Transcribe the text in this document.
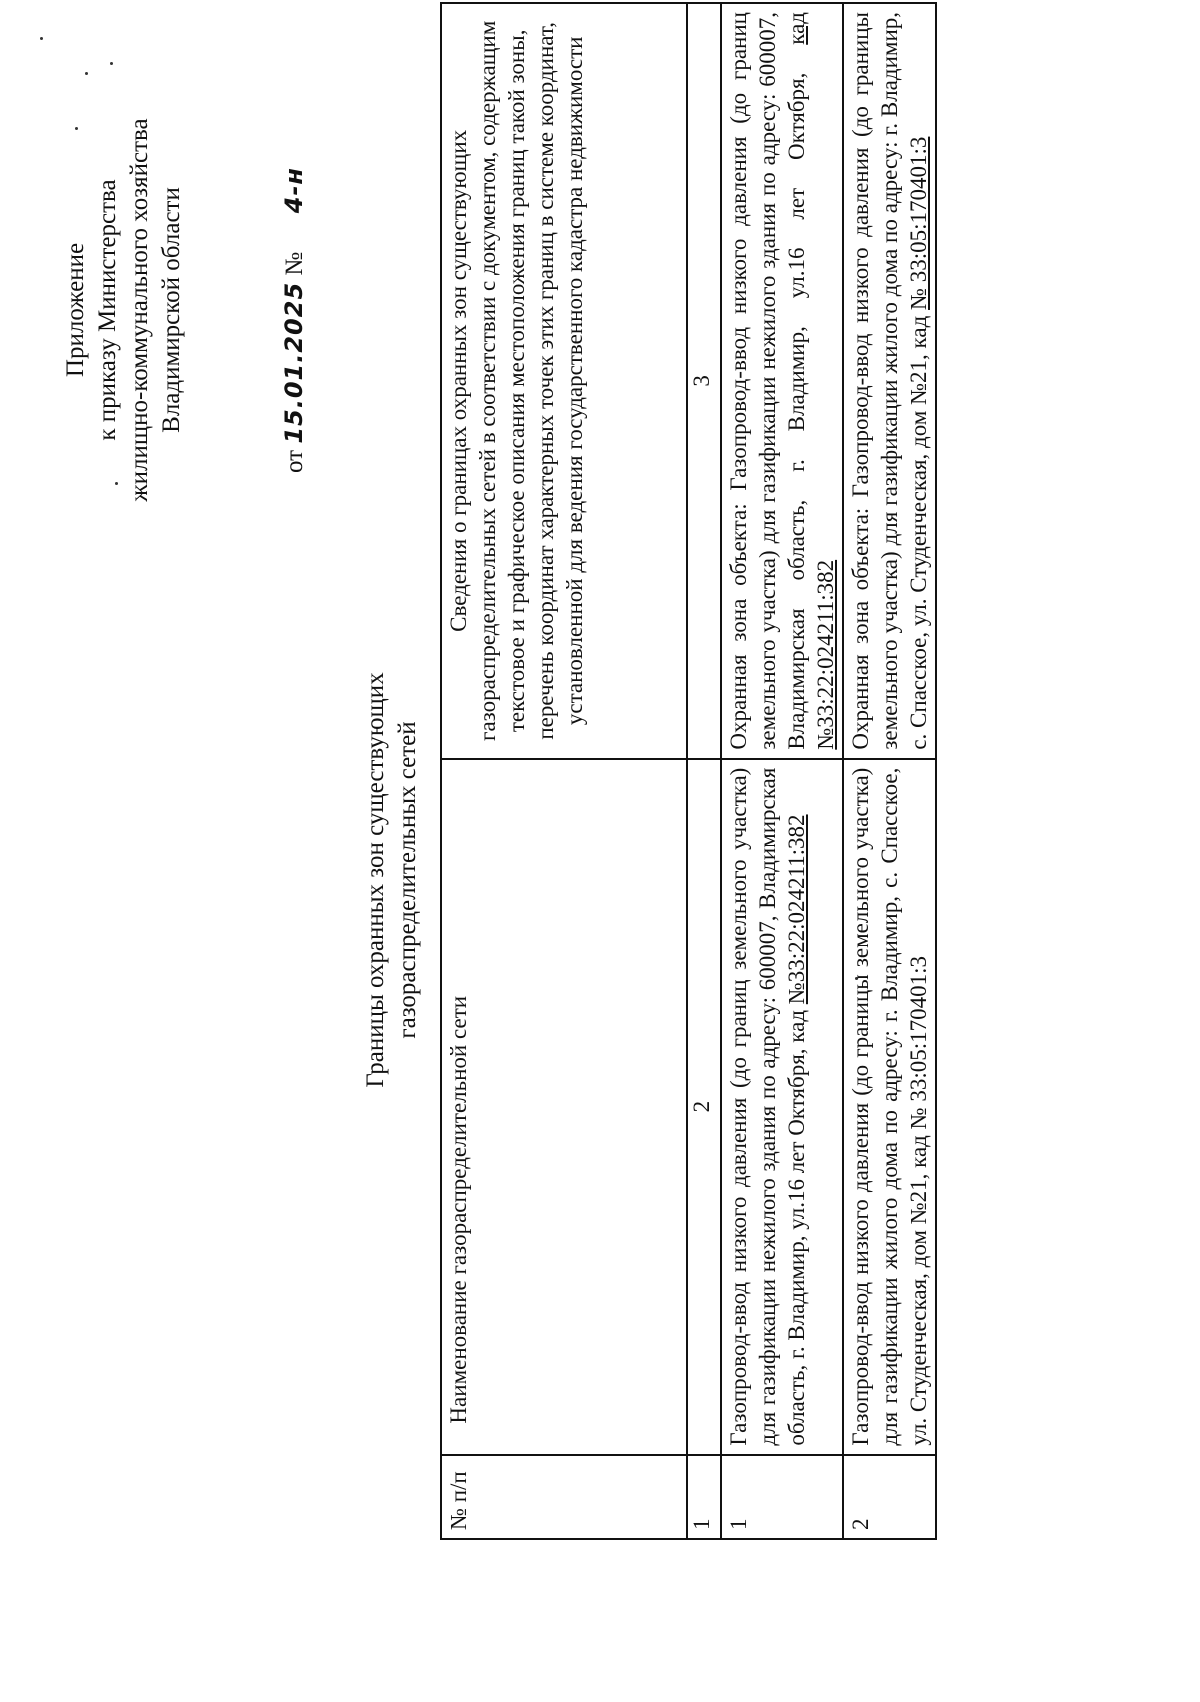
Приложение к приказу Министерства жилищно-коммунального хозяйства Владимирской области
от 15.01.2025 №  4-н
Границы охранных зон существующих газораспределительных сетей
№ п/п	Наименование газораспределительной сети	Сведения о границах охранных зон существующих газораспределительных сетей в соответствии с документом, содержащим текстовое и графическое описания местоположения границ такой зоны, перечень координат характерных точек этих границ в системе координат, установленной для ведения государственного кадастра недвижимости
1	2	3
1	Газопровод-ввод низкого давления (до границ земельного участка) для газификации нежилого здания по адресу: 600007, Владимирская область, г. Владимир, ул.16 лет Октября, кад №33:22:024211:382	Охранная зона объекта: Газопровод-ввод низкого давления (до границ земельного участка) для газификации нежилого здания по адресу: 600007, Владимирская область, г. Владимир, ул.16 лет Октября, кад №33:22:024211:382
2	Газопровод-ввод низкого давления (до границы земельного участка) для газификации жилого дома по адресу: г. Владимир, с. Спасское, ул. Студенческая, дом №21, кад № 33:05:170401:3	Охранная зона объекта: Газопровод-ввод низкого давления (до границы земельного участка) для газификации жилого дома по адресу: г. Владимир, с. Спасское, ул. Студенческая, дом №21, кад № 33:05:170401:3
